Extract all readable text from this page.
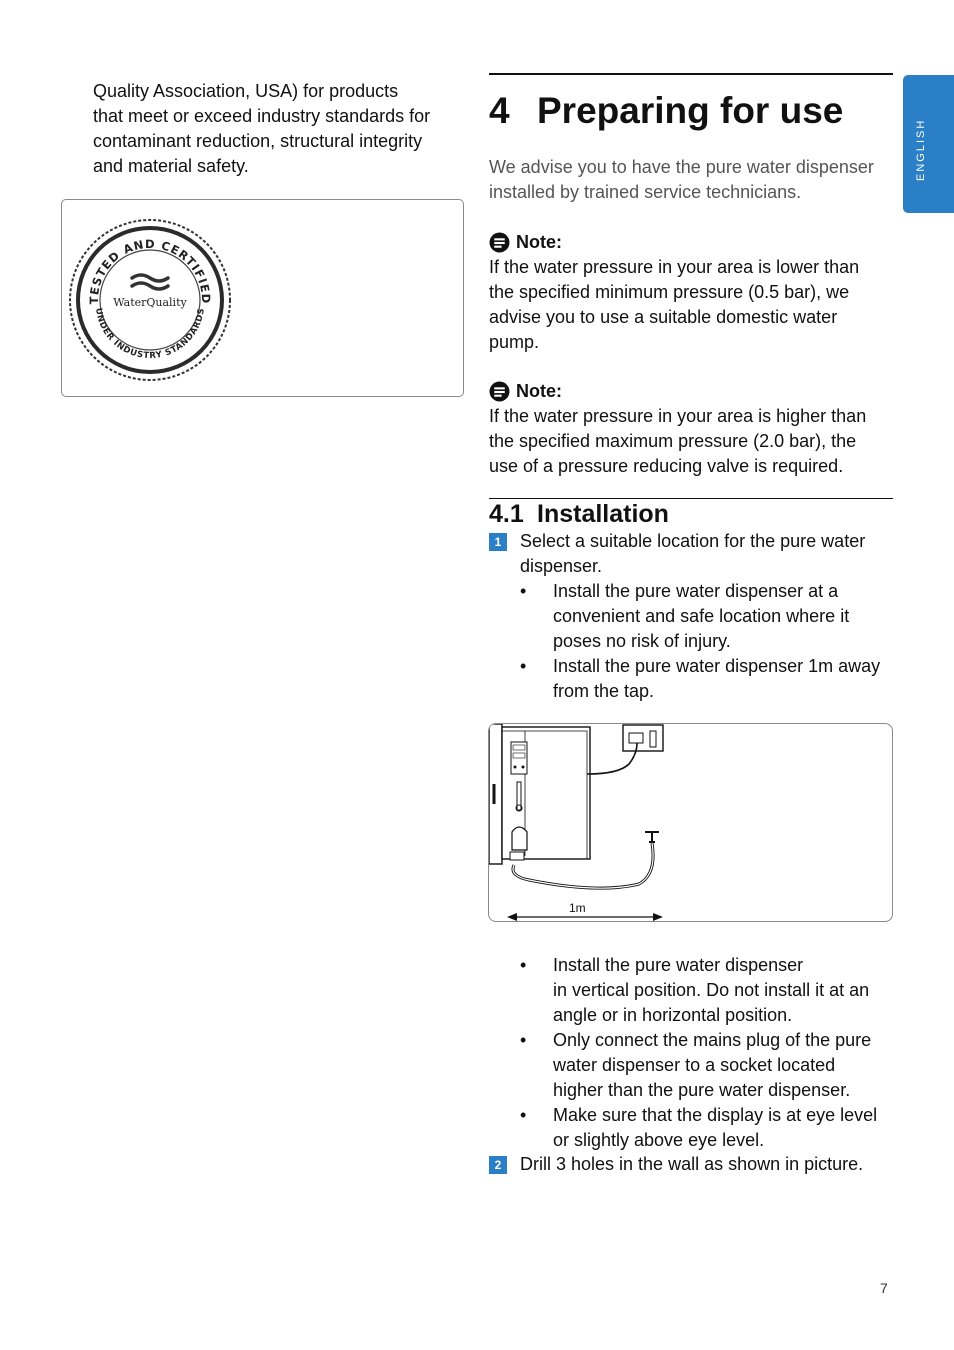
Quality Association, USA) for products
that meet or exceed industry standards for
contaminant reduction, structural integrity
and material safety.
TESTED AND CERTIFIED
UNDER INDUSTRY STANDARDS
WaterQuality
4 Preparing for use
We advise you to have the pure water dispenser
installed by trained service technicians.
Note:
If the water pressure in your area is lower than
the specified minimum pressure (0.5 bar), we
advise you to use a suitable domestic water
pump.
Note:
If the water pressure in your area is higher than
the specified maximum pressure (2.0 bar), the
use of a pressure reducing valve is required.
4.1 Installation
1	Select a suitable location for the pure water
dispenser.
• Install the pure water dispenser at a
convenient and safe location where it
poses no risk of injury.
• Install the pure water dispenser 1m away
from the tap.
1m
• Install the pure water dispenser
in vertical position. Do not install it at an
angle or in horizontal position.
• Only connect the mains plug of the pure
water dispenser to a socket located
higher than the pure water dispenser.
• Make sure that the display is at eye level
or slightly above eye level.
2	Drill 3 holes in the wall as shown in picture.
ENGLISH
7
